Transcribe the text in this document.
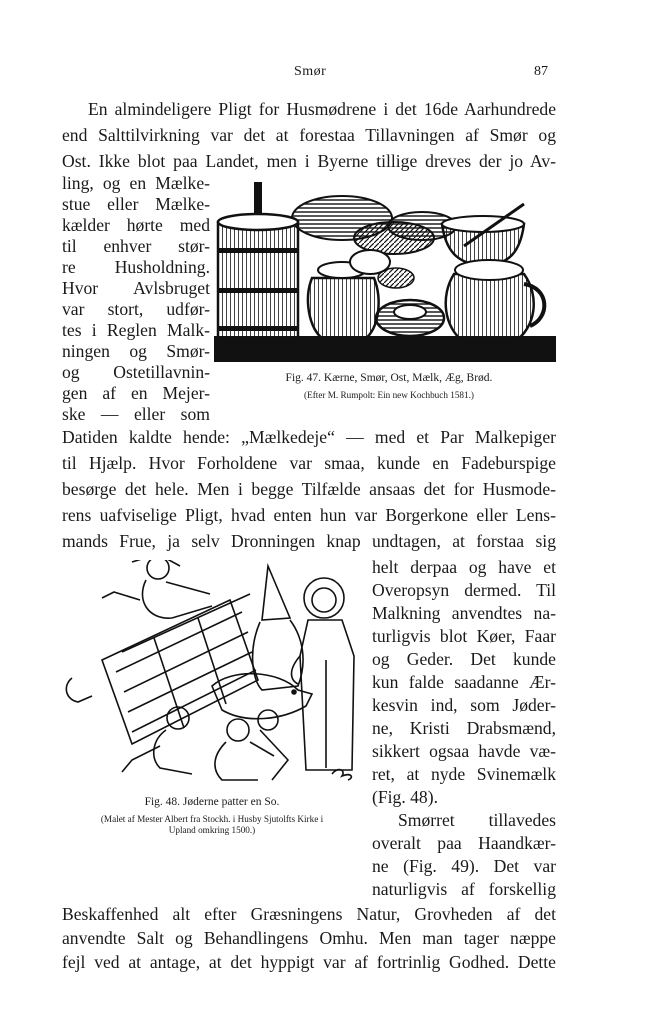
Smør	87
En almindeligere Pligt for Husmødrene i det 16de Aarhundrede
end Salttilvirkning var det at forestaa Tillavningen af Smør og
Ost. Ikke blot paa Landet, men i Byerne tillige dreves der jo Av-
ling, og en Mælke-
stue eller Mælke-
kælder hørte med
til enhver stør-
re Husholdning.
Hvor Avlsbruget
var stort, udfør-
tes i Reglen Malk-
ningen og Smør-
og Ostetillavnin-
gen af en Mejer-
ske — eller som
Fig. 47. Kærne, Smør, Ost, Mælk, Æg, Brød.
(Efter M. Rumpolt: Ein new Kochbuch 1581.)
Datiden kaldte hende: „Mælkedeje“ — med et Par Malkepiger
til Hjælp. Hvor Forholdene var smaa, kunde en Fadeburspige
besørge det hele. Men i begge Tilfælde ansaas det for Husmode-
rens uafviselige Pligt, hvad enten hun var Borgerkone eller Lens-
mands Frue, ja selv Dronningen knap undtagen, at forstaa sig
helt derpaa og have et
Overopsyn dermed. Til
Malkning anvendtes na-
turligvis blot Køer, Faar
og Geder. Det kunde
kun falde saadanne Ær-
kesvin ind, som Jøder-
ne, Kristi Drabsmænd,
sikkert ogsaa havde væ-
ret, at nyde Svinemælk
(Fig. 48).
Smørret tillavedes
overalt paa Haandkær-
ne (Fig. 49). Det var
naturligvis af forskellig
Fig. 48. Jøderne patter en So.
(Malet af Mester Albert fra Stockh. i Husby Sjutolfts Kirke i
Upland omkring 1500.)
Beskaffenhed alt efter Græsningens Natur, Grovheden af det
anvendte Salt og Behandlingens Omhu. Men man tager næppe
fejl ved at antage, at det hyppigt var af fortrinlig Godhed. Dette
